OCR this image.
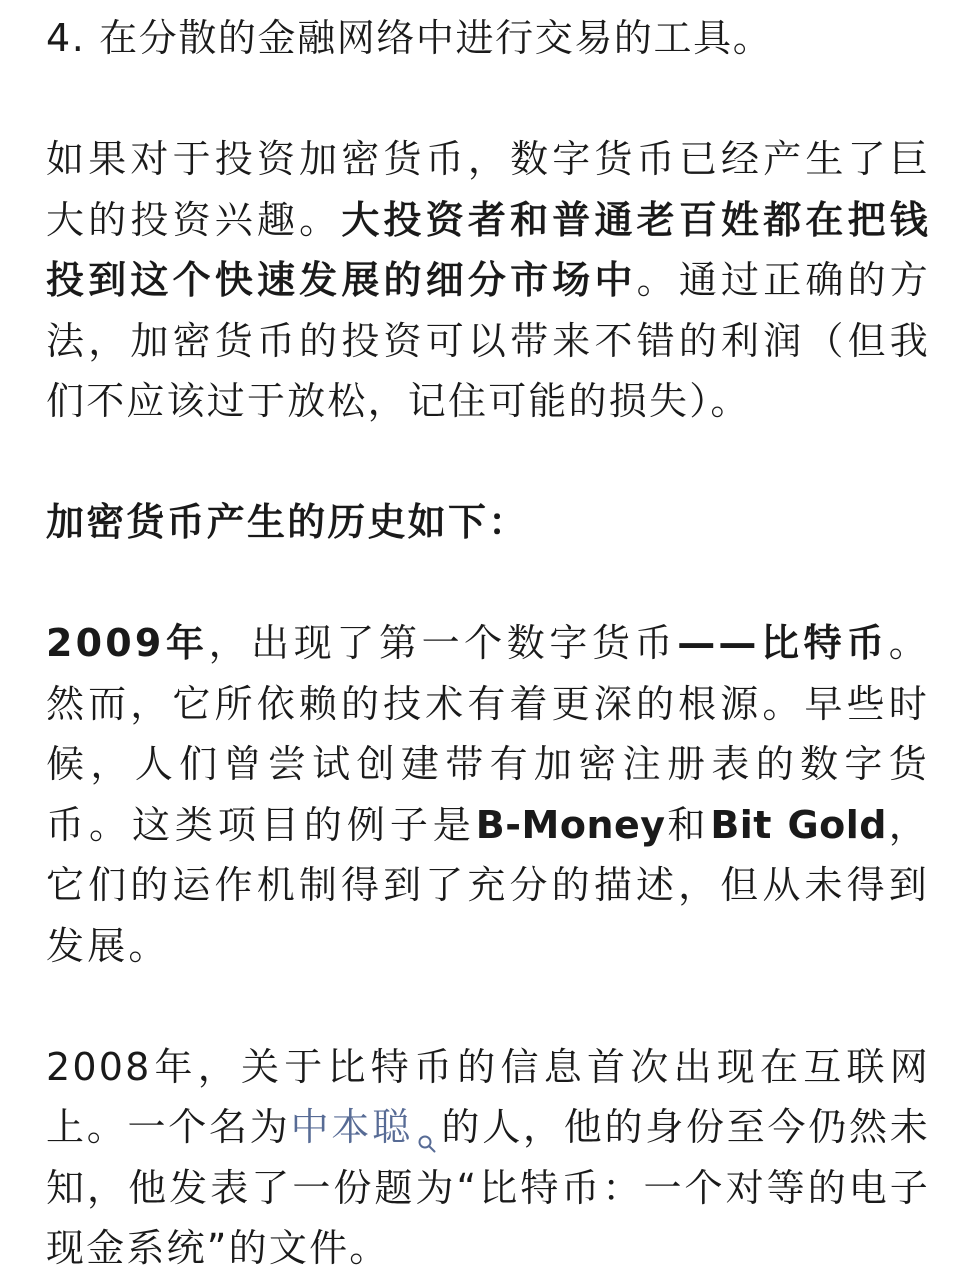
4. 在分散的金融网络中进行交易的工具。

如果对于投资加密货币，数字货币已经产生了巨大的投资兴趣。大投资者和普通老百姓都在把钱投到这个快速发展的细分市场中。通过正确的方法，加密货币的投资可以带来不错的利润（但我们不应该过于放松，记住可能的损失）。

加密货币产生的历史如下：

2009年，出现了第一个数字货币——比特币。然而，它所依赖的技术有着更深的根源。早些时候，人们曾尝试创建带有加密注册表的数字货币。这类项目的例子是B-Money和Bit Gold，它们的运作机制得到了充分的描述，但从未得到发展。

2008年，关于比特币的信息首次出现在互联网上。一个名为中本聪 的人，他的身份至今仍然未知，他发表了一份题为“比特币：一个对等的电子现金系统”的文件。
